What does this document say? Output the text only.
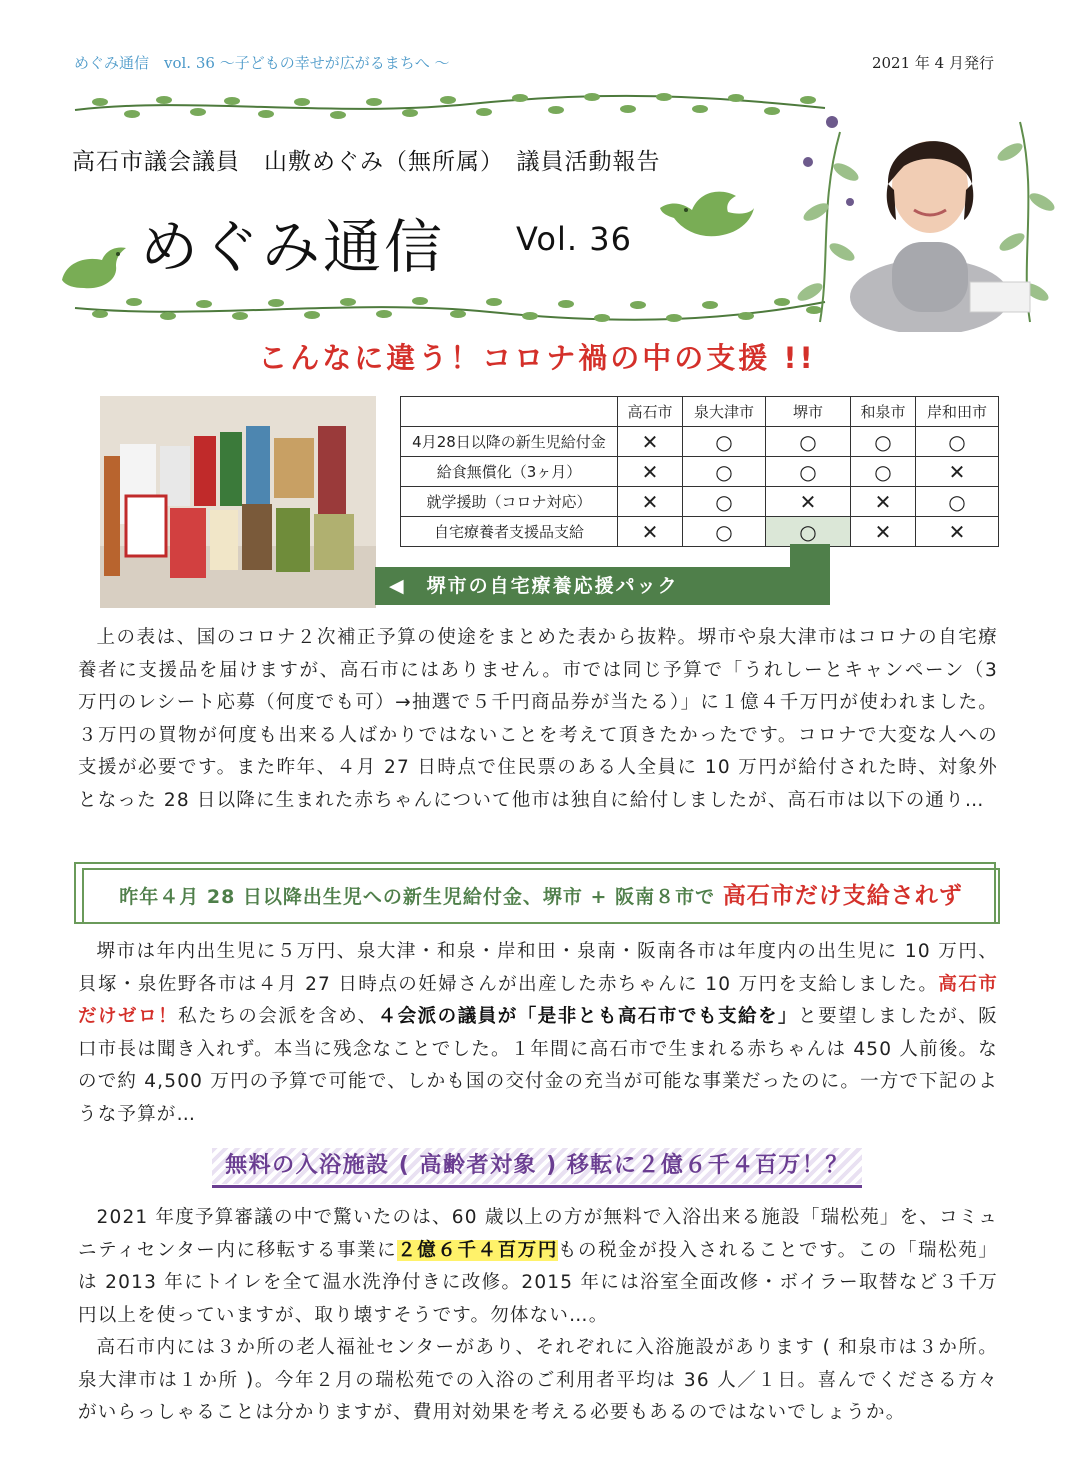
めぐみ通信　vol. 36 〜子どもの幸せが広がるまちへ 〜	2021 年 4 月発行
高石市議会議員　山敷めぐみ（無所属）　議員活動報告
めぐみ通信 Vol. 36
こんなに違う！コロナ禍の中の支援 !!
	高石市	泉大津市	堺市	和泉市	岸和田市
4月28日以降の新生児給付金	✕	○	○	○	○
給食無償化（3ヶ月）	✕	○	○	○	✕
就学援助（コロナ対応）	✕	○	✕	✕	○
自宅療養者支援品支給	✕	○	○	✕	✕
◀　堺市の自宅療養応援パック

上の表は、国のコロナ２次補正予算の使途をまとめた表から抜粋。堺市や泉大津市はコロナの自宅療養者に支援品を届けますが、高石市にはありません。市では同じ予算で「うれしーとキャンペーン（3 万円のレシート応募（何度でも可）→抽選で５千円商品券が当たる）」に１億４千万円が使われました。３万円の買物が何度も出来る人ばかりではないことを考えて頂きたかったです。コロナで大変な人への支援が必要です。また昨年、４月 27 日時点で住民票のある人全員に 10 万円が給付された時、対象外となった 28 日以降に生まれた赤ちゃんについて他市は独自に給付しましたが、高石市は以下の通り…

昨年４月 28 日以降出生児への新生児給付金、堺市 + 阪南８市で 高石市だけ支給されず

堺市は年内出生児に５万円、泉大津・和泉・岸和田・泉南・阪南各市は年度内の出生児に 10 万円、貝塚・泉佐野各市は４月 27 日時点の妊婦さんが出産した赤ちゃんに 10 万円を支給しました。高石市だけゼロ！私たちの会派を含め、４会派の議員が「是非とも高石市でも支給を」と要望しましたが、阪口市長は聞き入れず。本当に残念なことでした。１年間に高石市で生まれる赤ちゃんは 450 人前後。なので約 4,500 万円の予算で可能で、しかも国の交付金の充当が可能な事業だったのに。一方で下記のような予算が…

無料の入浴施設 ( 高齢者対象 ) 移転に２億６千４百万！？

2021 年度予算審議の中で驚いたのは、60 歳以上の方が無料で入浴出来る施設「瑞松苑」を、コミュニティセンター内に移転する事業に２億６千４百万円もの税金が投入されることです。この「瑞松苑」は 2013 年にトイレを全て温水洗浄付きに改修。2015 年には浴室全面改修・ボイラー取替など３千万円以上を使っていますが、取り壊すそうです。勿体ない…。

高石市内には３か所の老人福祉センターがあり、それぞれに入浴施設があります ( 和泉市は３か所。泉大津市は１か所 )。今年２月の瑞松苑での入浴のご利用者平均は 36 人／１日。喜んでくださる方々がいらっしゃることは分かりますが、費用対効果を考える必要もあるのではないでしょうか。
